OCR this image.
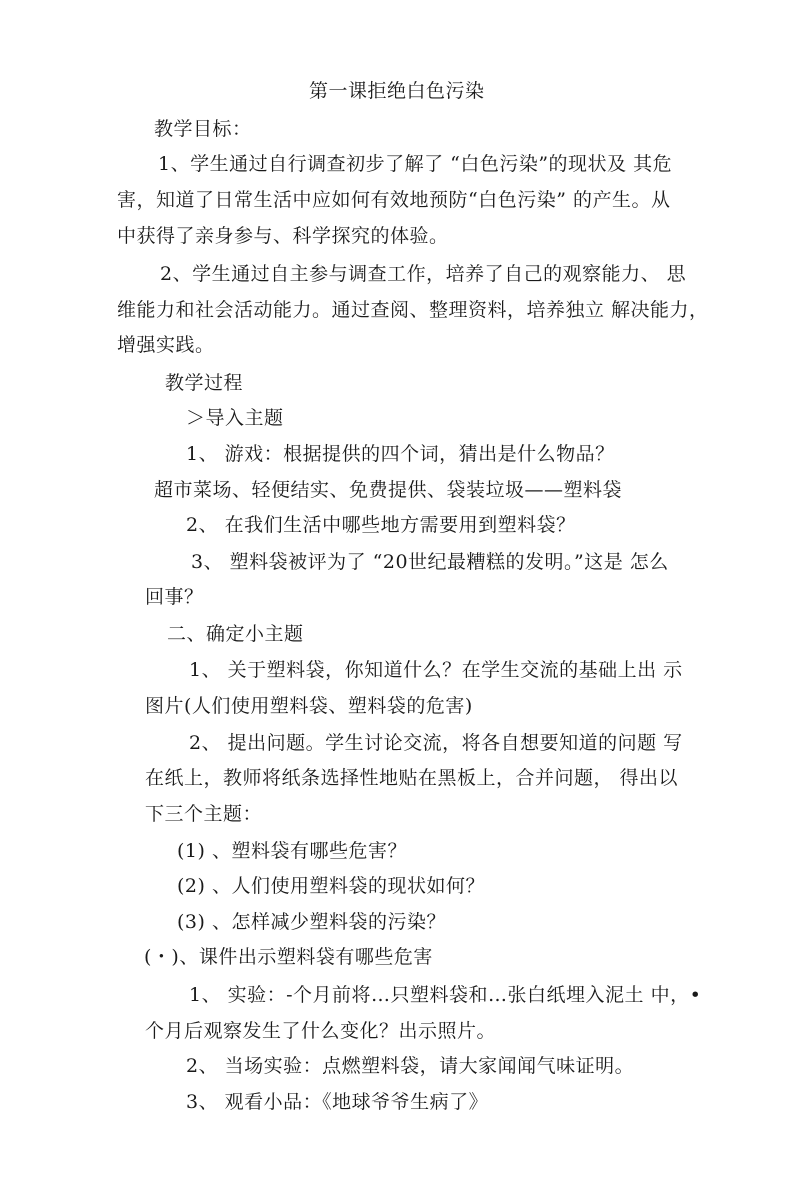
第一课拒绝白色污染
教学目标：
1、学生通过自行调查初步了解了 “白色污染”的现状及 其危
害，知道了日常生活中应如何有效地预防“白色污染” 的产生。从
中获得了亲身参与、科学探究的体验。
2、学生通过自主参与调查工作，培养了自己的观察能力、 思
维能力和社会活动能力。通过查阅、整理资料，培养独立 解决能力，
增强实践。
教学过程
＞导入主题
1、 游戏：根据提供的四个词，猜出是什么物品？
超市菜场、轻便结实、免费提供、袋装垃圾——塑料袋
2、 在我们生活中哪些地方需要用到塑料袋？
3、 塑料袋被评为了 “20世纪最糟糕的发明。”这是 怎么
回事？
二、确定小主题
1、 关于塑料袋，你知道什么？在学生交流的基础上出 示
图片(人们使用塑料袋、塑料袋的危害)
2、 提出问题。学生讨论交流，将各自想要知道的问题 写
在纸上，教师将纸条选择性地贴在黑板上，合并问题， 得出以
下三个主题：
(1) 、塑料袋有哪些危害？
(2) 、人们使用塑料袋的现状如何？
(3) 、怎样减少塑料袋的污染？
(・)、课件出示塑料袋有哪些危害
1、 实验：-个月前将…只塑料袋和…张白纸埋入泥土 中，•
个月后观察发生了什么变化？出示照片。
2、 当场实验：点燃塑料袋，请大家闻闻气味证明。
3、 观看小品：《地球爷爷生病了》
